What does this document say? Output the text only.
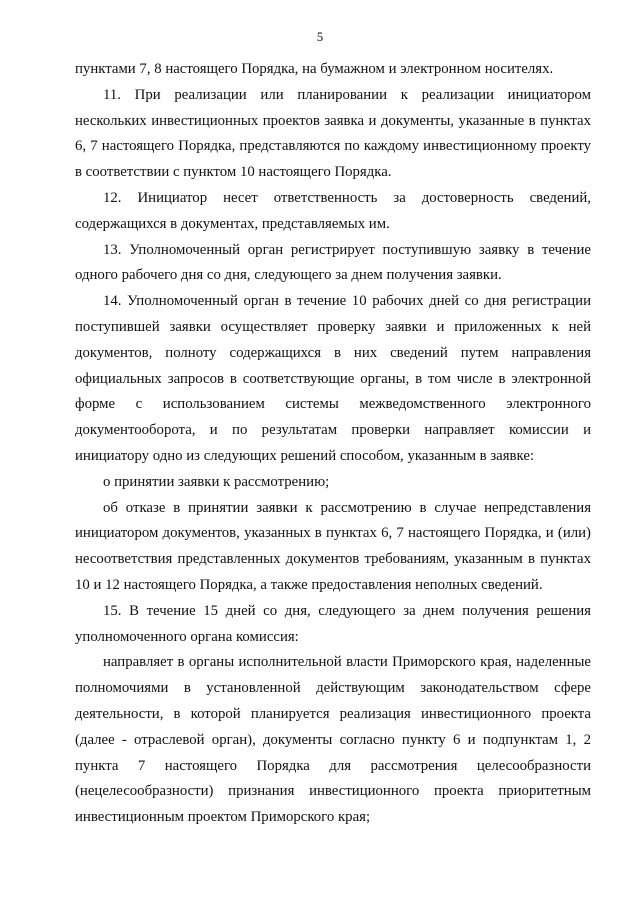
5
пунктами 7, 8 настоящего Порядка, на бумажном и электронном носителях.
11. При реализации или планировании к реализации инициатором
нескольких инвестиционных проектов заявка и документы, указанные в пунктах
6, 7 настоящего Порядка, представляются по каждому инвестиционному проекту
в соответствии с пунктом 10 настоящего Порядка.
12. Инициатор несет ответственность за достоверность сведений,
содержащихся в документах, представляемых им.
13. Уполномоченный орган регистрирует поступившую заявку в течение
одного рабочего дня со дня, следующего за днем получения заявки.
14. Уполномоченный орган в течение 10 рабочих дней со дня регистрации
поступившей заявки осуществляет проверку заявки и приложенных к ней
документов, полноту содержащихся в них сведений путем направления
официальных запросов в соответствующие органы, в том числе в электронной
форме с использованием системы межведомственного электронного
документооборота, и по результатам проверки направляет комиссии и
инициатору одно из следующих решений способом, указанным в заявке:
о принятии заявки к рассмотрению;
об отказе в принятии заявки к рассмотрению в случае непредставления
инициатором документов, указанных в пунктах 6, 7 настоящего Порядка, и (или)
несоответствия представленных документов требованиям, указанным в пунктах
10 и 12 настоящего Порядка, а также предоставления неполных сведений.
15. В течение 15 дней со дня, следующего за днем получения решения
уполномоченного органа комиссия:
направляет в органы исполнительной власти Приморского края, наделенные
полномочиями в установленной действующим законодательством сфере
деятельности, в которой планируется реализация инвестиционного проекта
(далее - отраслевой орган), документы согласно пункту 6 и подпунктам 1, 2
пункта 7 настоящего Порядка для рассмотрения целесообразности
(нецелесообразности) признания инвестиционного проекта приоритетным
инвестиционным проектом Приморского края;
